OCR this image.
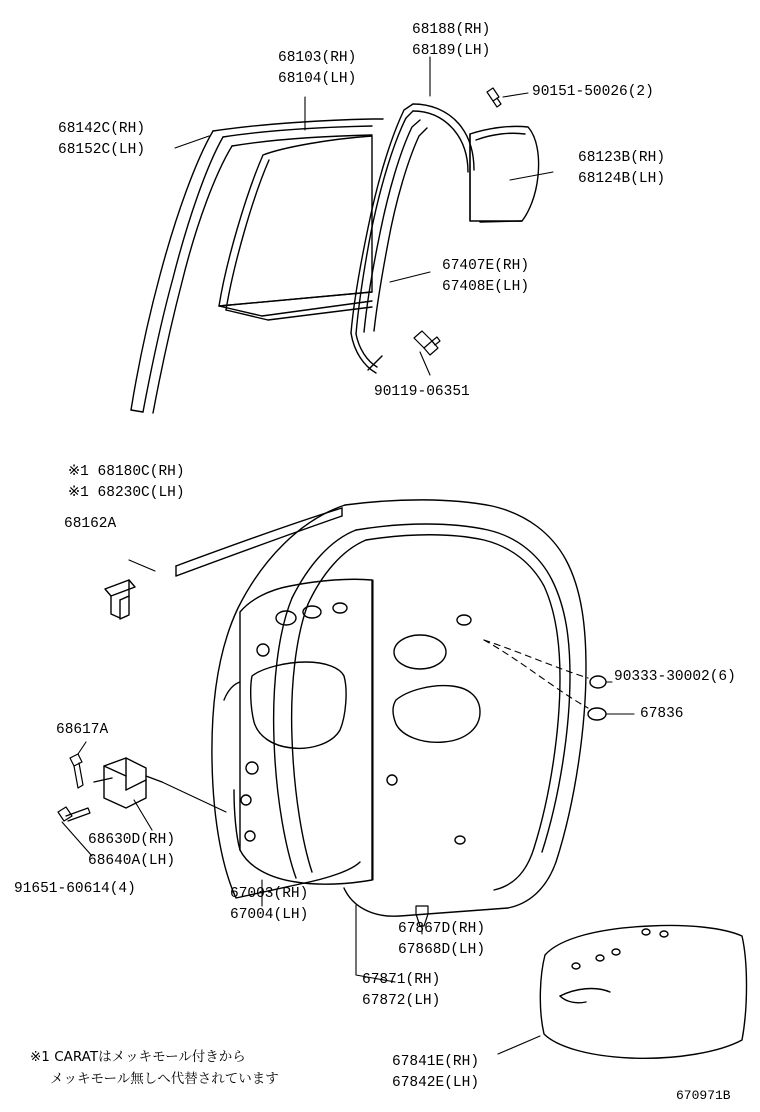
68142C(RH)
68152C(LH)
68103(RH)
68104(LH)
68188(RH)
68189(LH)
90151-50026(2)
68123B(RH)
68124B(LH)
67407E(RH)
67408E(LH)
90119-06351
※1 68180C(RH)
※1 68230C(LH)
68162A
90333-30002(6)
67836
68617A
68630D(RH)
68640A(LH)
91651-60614(4)	67003(RH)
67004(LH)
67867D(RH)
67868D(LH)
67871(RH)
67872(LH)
67841E(RH)
67842E(LH)
※1 CARATはメッキモール付きから
メッキモール無しへ代替されています
670971B
